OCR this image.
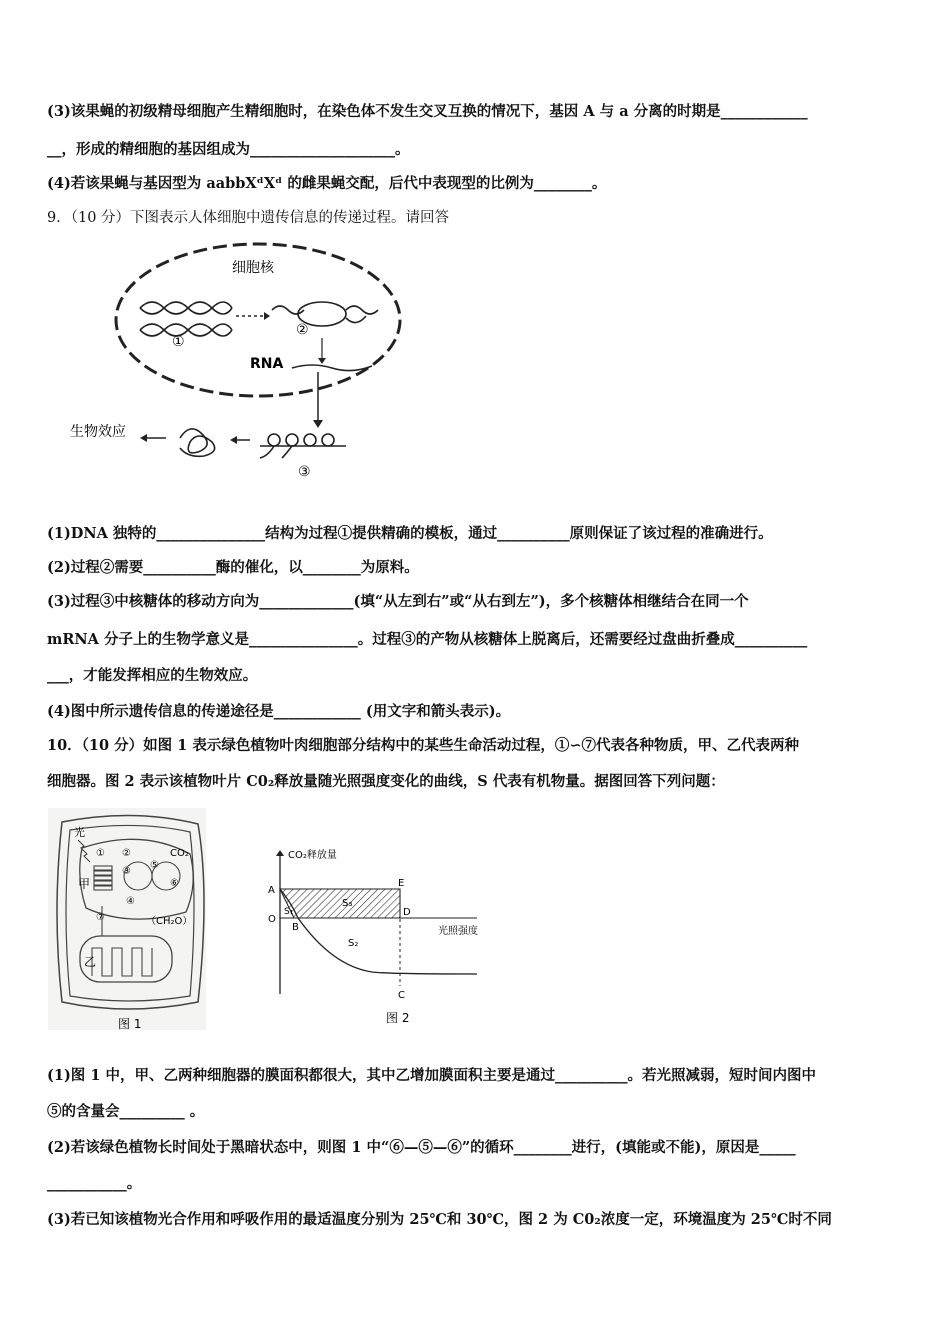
(3)该果蝇的初级精母细胞产生精细胞时，在染色体不发生交叉互换的情况下，基因 A 与 a 分离的时期是____________
__，形成的精细胞的基因组成为____________________。
(4)若该果蝇与基因型为 aabbXᵈXᵈ 的雌果蝇交配，后代中表现型的比例为________。
9．（10 分）下图表示人体细胞中遗传信息的传递过程。请回答
细胞核
①
②
RNA
③
生物效应
(1)DNA 独特的_______________结构为过程①提供精确的模板，通过__________原则保证了该过程的准确进行。
(2)过程②需要__________酶的催化，以________为原料。
(3)过程③中核糖体的移动方向为_____________(填“从左到右”或“从右到左”)，多个核糖体相继结合在同一个
mRNA 分子上的生物学意义是_______________。过程③的产物从核糖体上脱离后，还需要经过盘曲折叠成__________
___，才能发挥相应的生物效应。
(4)图中所示遗传信息的传递途径是____________ (用文字和箭头表示)。
10．（10 分）如图 1 表示绿色植物叶肉细胞部分结构中的某些生命活动过程，①∽⑦代表各种物质，甲、乙代表两种
细胞器。图 2 表示该植物叶片 C0₂释放量随光照强度变化的曲线，S 代表有机物量。据图回答下列问题：
光
甲
① ②
③
④
⑤
⑥
⑦
CO₂
（CH₂O）
乙
图 1
CO₂释放量
光照强度
A
O
B
C
D
E
S₁
S₂
S₃
图 2
(1)图 1 中，甲、乙两种细胞器的膜面积都很大，其中乙增加膜面积主要是通过__________。若光照减弱，短时间内图中
⑤的含量会_________ 。
(2)若该绿色植物长时间处于黑暗状态中，则图 1 中“⑥—⑤—⑥”的循环________进行，(填能或不能)，原因是_____
___________。
(3)若已知该植物光合作用和呼吸作用的最适温度分别为 25℃和 30℃，图 2 为 C0₂浓度一定，环境温度为 25℃时不同
